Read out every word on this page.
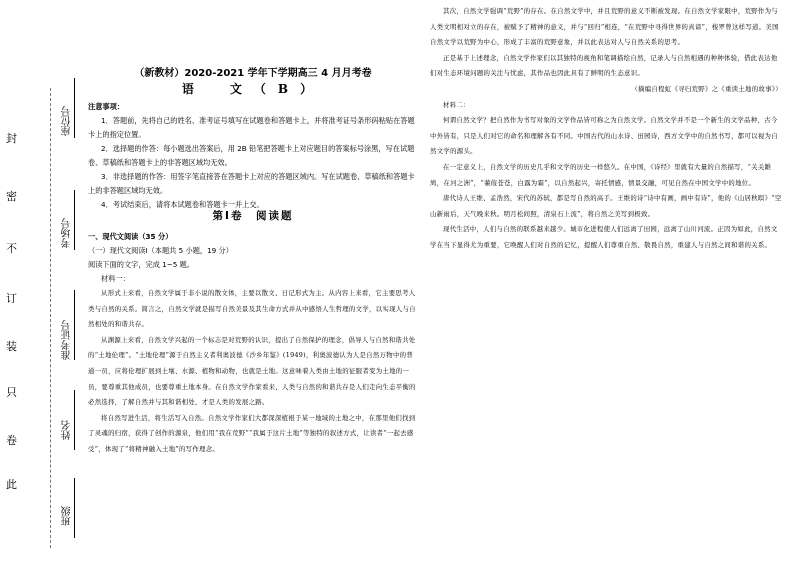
封
密
不
订
装
只
卷
此
座位号
考场号
准考证号
姓名
班级
（新教材）2020-2021 学年下学期高三 4 月月考卷
语　文（B）

注意事项：

1．答题前，先将自己的姓名、准考证号填写在试题卷和答题卡上，并将准考证号条形码粘贴在答题卡上的指定位置。

2．选择题的作答：每小题选出答案后，用 2B 铅笔把答题卡上对应题目的答案标号涂黑，写在试题卷、草稿纸和答题卡上的非答题区域均无效。

3．非选择题的作答：用签字笔直接答在答题卡上对应的答题区域内。写在试题卷、草稿纸和答题卡上的非答题区域均无效。

4．考试结束后，请将本试题卷和答题卡一并上交。

第Ⅰ卷　阅读题

一、现代文阅读（35 分）

（一）现代文阅读Ⅰ（本题共 5 小题，19 分）

阅读下面的文字，完成 1~5 题。

材料一：

从形式上来看，自然文学属于非小说的散文体，主要以散文、日记形式为主。从内容上来看，它主要思考人类与自然的关系。简言之，自然文学就是描写自然美景及其生命方式并从中感悟人生哲理的文学，以实现人与自然相处的和谐共存。

从渊源上来看，自然文学兴起的一个标志是对荒野的认识，提出了自然保护的理念，倡导人与自然和谐共处的“土地伦理”。“土地伦理”源于自然主义者利奥波德《沙乡年鉴》(1949)，利奥波德认为人是自然万物中的普通一员，应将伦理扩展到土壤、水源、植物和动物，也就是土地。这意味着人类由土地的征服者变为土地的一员，要尊重其他成员，也要尊重土地本身。在自然文学作家看来，人类与自然的和谐共存是人们走向生态平衡的必然选择，了解自然并与其和谐相处，才是人类的发展之路。

将自然写进生活，将生活写入自然。自然文学作家们大都深深植根于某一地域的土地之中，在那里他们找到了灵魂的归宿，获得了创作的源泉，他们用“我在荒野”“我属于这片土地”等独特的叙述方式，让读者“一起去感受”，体现了“将精神融入土地”的写作理念。

其次，自然文学强调“荒野”的存在。在自然文学中，并且荒野的意义不断被发现。在自然文学家眼中，荒野作为与人类文明相对立的存在，被赋予了精神的意义，并与“回归”相连，“在荒野中寻得世界的真谛”，梭罗曾这样写道。美国自然文学以荒野为中心，形成了丰富的荒野意象，并以此表达对人与自然关系的思考。

正是基于上述理念，自然文学作家们以其独特的视角和笔调描绘自然，记录人与自然相遇的种种体验，借此表达他们对生态环境问题的关注与忧虑，其作品也因此具有了鲜明的生态意识。

（摘编自程虹《寻归荒野》之《重读土地的故事》）

材料二：

何谓自然文学？把自然作为书写对象的文学作品皆可称之为自然文学。自然文学并不是一个新生的文学品种，古今中外皆有，只是人们对它的命名和理解各有不同。中国古代的山水诗、田园诗，西方文学中的自然书写，都可以视为自然文学的源头。

在一定意义上，自然文学的历史几乎和文学的历史一样悠久。在中国，《诗经》里就有大量的自然描写，“关关雎鸠，在河之洲”，“蒹葭苍苍，白露为霜”，以自然起兴，寄托情感，情景交融，可见自然在中国文学中的地位。

唐代诗人王维、孟浩然，宋代的苏轼，都是写自然的高手。王维的诗“诗中有画，画中有诗”，他的《山居秋暝》“空山新雨后，天气晚来秋。明月松间照，清泉石上流”，将自然之美写到极致。

现代生活中，人们与自然的联系越来越少。城市化进程使人们远离了田园，远离了山川河流。正因为如此，自然文学在当下显得尤为重要，它唤醒人们对自然的记忆，提醒人们尊重自然、敬畏自然，重建人与自然之间和谐的关系。
